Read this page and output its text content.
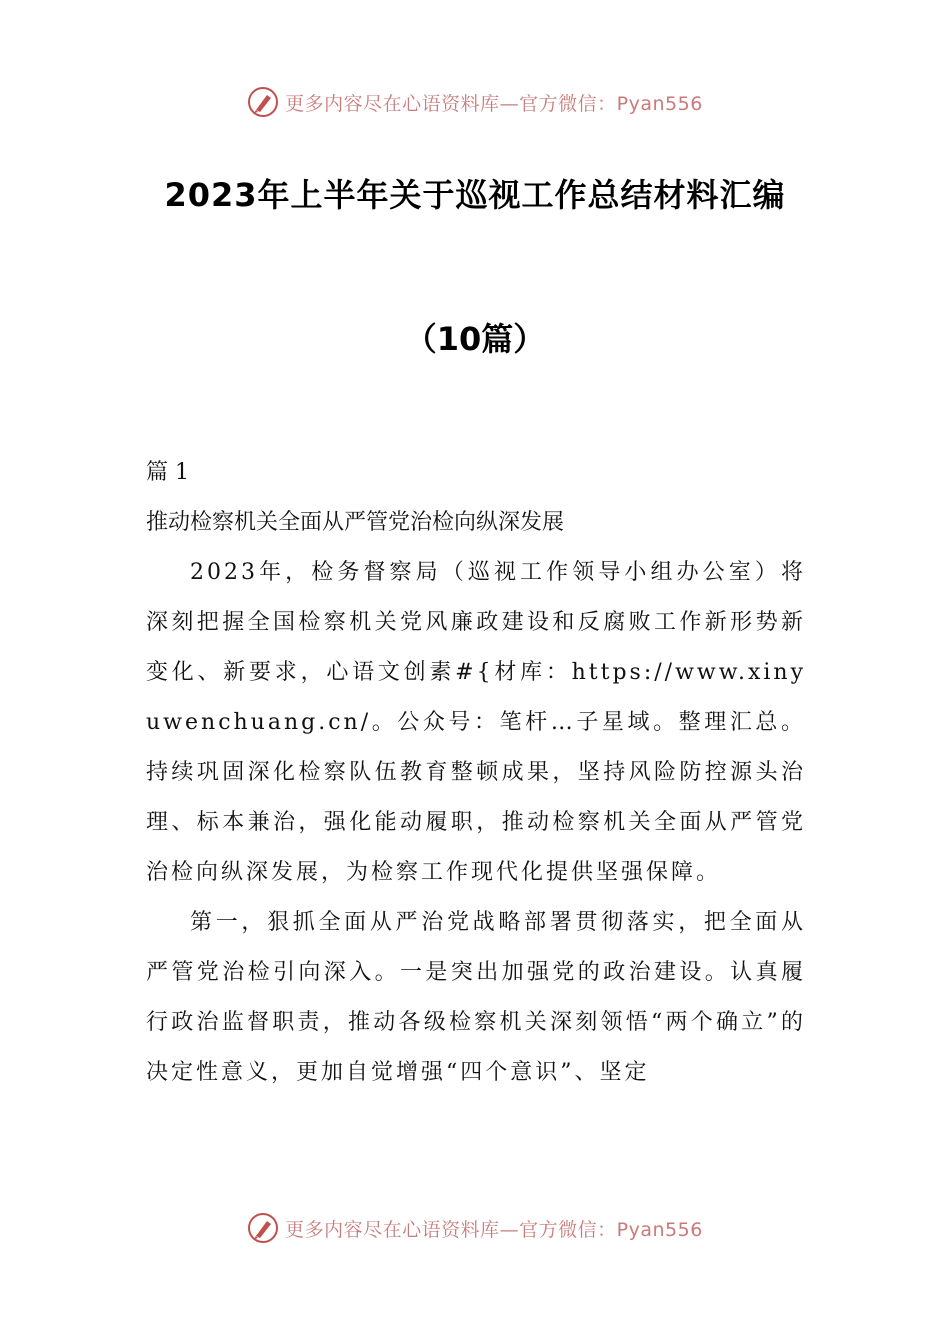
更多内容尽在心语资料库—官方微信：Pyan556
2023年上半年关于巡视工作总结材料汇编
（10篇）

篇 1

推动检察机关全面从严管党治检向纵深发展

2023年，检务督察局（巡视工作领导小组办公室）将深刻把握全国检察机关党风廉政建设和反腐败工作新形势新变化、新要求，心语文创素#{材库：https://www.xinyuwenchuang.cn/。公众号：笔杆…子星域。整理汇总。持续巩固深化检察队伍教育整顿成果，坚持风险防控源头治理、标本兼治，强化能动履职，推动检察机关全面从严管党治检向纵深发展，为检察工作现代化提供坚强保障。

第一，狠抓全面从严治党战略部署贯彻落实，把全面从严管党治检引向深入。一是突出加强党的政治建设。认真履行政治监督职责，推动各级检察机关深刻领悟“两个确立”的决定性意义，更加自觉增强“四个意识”、坚定

更多内容尽在心语资料库—官方微信：Pyan556
